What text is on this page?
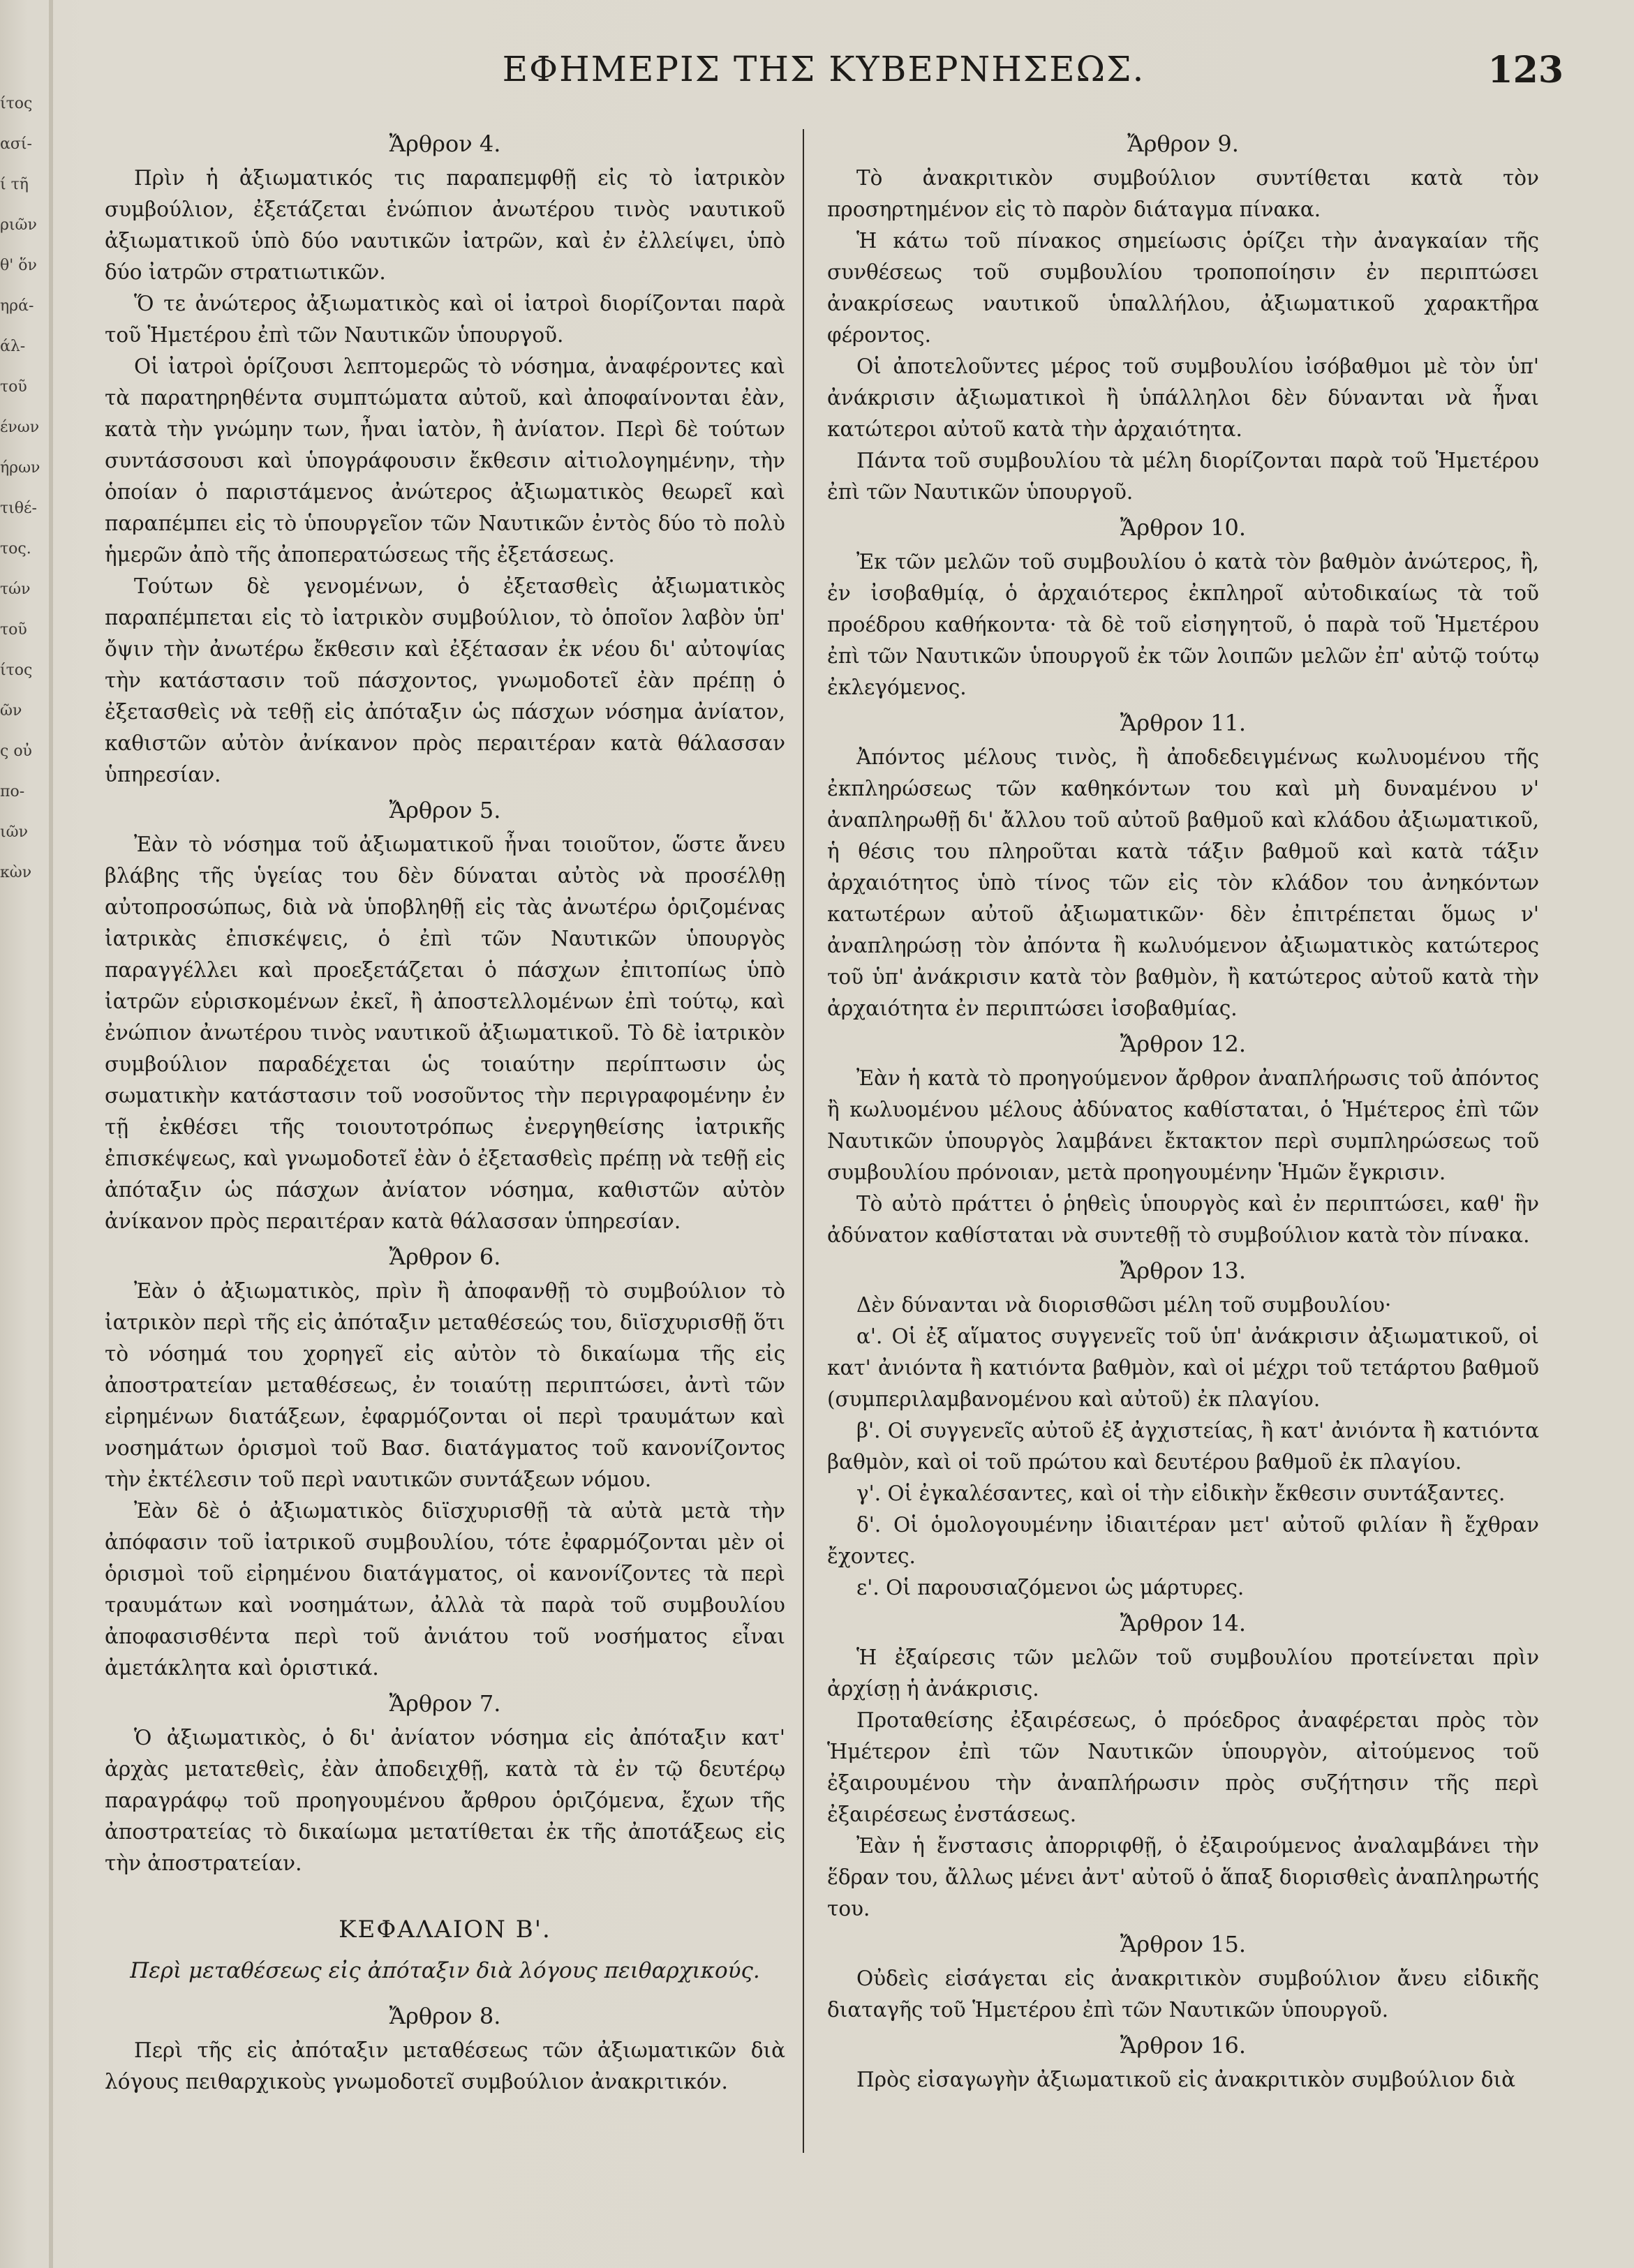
ίτος
ασί-
ί τῆ
ριῶν
θ' ὅν
ηρά-
άλ-
τοῦ
ένων
ήρων
τιθέ-
τος.
τών
τοῦ
ίτος
ῶν
ς οὐ
πο-
ιῶν
κὼν
ΕΦΗΜΕΡΙΣ ΤΗΣ ΚΥΒΕΡΝΗΣΕΩΣ.	123
Ἄρθρον 4.

Πρὶν ἡ ἀξιωματικός τις παραπεμφθῇ εἰς τὸ ἰατρικὸν συμβούλιον, ἐξετάζεται ἐνώπιον ἀνωτέρου τινὸς ναυτικοῦ ἀξιωματικοῦ ὑπὸ δύο ναυτικῶν ἰατρῶν, καὶ ἐν ἐλλείψει, ὑπὸ δύο ἰατρῶν στρατιωτικῶν.

Ὅ τε ἀνώτερος ἀξιωματικὸς καὶ οἱ ἰατροὶ διορίζονται παρὰ τοῦ Ἡμετέρου ἐπὶ τῶν Ναυτικῶν ὑπουργοῦ.

Οἱ ἰατροὶ ὁρίζουσι λεπτομερῶς τὸ νόσημα, ἀναφέροντες καὶ τὰ παρατηρηθέντα συμπτώματα αὐτοῦ, καὶ ἀποφαίνονται ἐὰν, κατὰ τὴν γνώμην των, ἦναι ἰατὸν, ἢ ἀνίατον. Περὶ δὲ τούτων συντάσσουσι καὶ ὑπογράφουσιν ἔκθεσιν αἰτιολογημένην, τὴν ὁποίαν ὁ παριστάμενος ἀνώτερος ἀξιωματικὸς θεωρεῖ καὶ παραπέμπει εἰς τὸ ὑπουργεῖον τῶν Ναυτικῶν ἐντὸς δύο τὸ πολὺ ἡμερῶν ἀπὸ τῆς ἀποπερατώσεως τῆς ἐξετάσεως.

Τούτων δὲ γενομένων, ὁ ἐξετασθεὶς ἀξιωματικὸς παραπέμπεται εἰς τὸ ἰατρικὸν συμβούλιον, τὸ ὁποῖον λαβὸν ὑπ' ὄψιν τὴν ἀνωτέρω ἔκθεσιν καὶ ἐξέτασαν ἐκ νέου δι' αὐτοψίας τὴν κατάστασιν τοῦ πάσχοντος, γνωμοδοτεῖ ἐὰν πρέπῃ ὁ ἐξετασθεὶς νὰ τεθῇ εἰς ἀπόταξιν ὡς πάσχων νόσημα ἀνίατον, καθιστῶν αὐτὸν ἀνίκανον πρὸς περαιτέραν κατὰ θάλασσαν ὑπηρεσίαν.

Ἄρθρον 5.

Ἐὰν τὸ νόσημα τοῦ ἀξιωματικοῦ ἦναι τοιοῦτον, ὥστε ἄνευ βλάβης τῆς ὑγείας του δὲν δύναται αὐτὸς νὰ προσέλθῃ αὐτοπροσώπως, διὰ νὰ ὑποβληθῇ εἰς τὰς ἀνωτέρω ὁριζομένας ἰατρικὰς ἐπισκέψεις, ὁ ἐπὶ τῶν Ναυτικῶν ὑπουργὸς παραγγέλλει καὶ προεξετάζεται ὁ πάσχων ἐπιτοπίως ὑπὸ ἰατρῶν εὑρισκομένων ἐκεῖ, ἢ ἀποστελλομένων ἐπὶ τούτῳ, καὶ ἐνώπιον ἀνωτέρου τινὸς ναυτικοῦ ἀξιωματικοῦ. Τὸ δὲ ἰατρικὸν συμβούλιον παραδέχεται ὡς τοιαύτην περίπτωσιν ὡς σωματικὴν κατάστασιν τοῦ νοσοῦντος τὴν περιγραφομένην ἐν τῇ ἐκθέσει τῆς τοιουτοτρόπως ἐνεργηθείσης ἰατρικῆς ἐπισκέψεως, καὶ γνωμοδοτεῖ ἐὰν ὁ ἐξετασθεὶς πρέπῃ νὰ τεθῇ εἰς ἀπόταξιν ὡς πάσχων ἀνίατον νόσημα, καθιστῶν αὐτὸν ἀνίκανον πρὸς περαιτέραν κατὰ θάλασσαν ὑπηρεσίαν.

Ἄρθρον 6.

Ἐὰν ὁ ἀξιωματικὸς, πρὶν ἢ ἀποφανθῇ τὸ συμβούλιον τὸ ἰατρικὸν περὶ τῆς εἰς ἀπόταξιν μεταθέσεώς του, διϊσχυρισθῇ ὅτι τὸ νόσημά του χορηγεῖ εἰς αὐτὸν τὸ δικαίωμα τῆς εἰς ἀποστρατείαν μεταθέσεως, ἐν τοιαύτῃ περιπτώσει, ἀντὶ τῶν εἰρημένων διατάξεων, ἐφαρμόζονται οἱ περὶ τραυμάτων καὶ νοσημάτων ὁρισμοὶ τοῦ Βασ. διατάγματος τοῦ κανονίζοντος τὴν ἐκτέλεσιν τοῦ περὶ ναυτικῶν συντάξεων νόμου.

Ἐὰν δὲ ὁ ἀξιωματικὸς διϊσχυρισθῇ τὰ αὐτὰ μετὰ τὴν ἀπόφασιν τοῦ ἰατρικοῦ συμβουλίου, τότε ἐφαρμόζονται μὲν οἱ ὁρισμοὶ τοῦ εἰρημένου διατάγματος, οἱ κανονίζοντες τὰ περὶ τραυμάτων καὶ νοσημάτων, ἀλλὰ τὰ παρὰ τοῦ συμβουλίου ἀποφασισθέντα περὶ τοῦ ἀνιάτου τοῦ νοσήματος εἶναι ἀμετάκλητα καὶ ὁριστικά.

Ἄρθρον 7.

Ὁ ἀξιωματικὸς, ὁ δι' ἀνίατον νόσημα εἰς ἀπόταξιν κατ' ἀρχὰς μετατεθεὶς, ἐὰν ἀποδειχθῇ, κατὰ τὰ ἐν τῷ δευτέρῳ παραγράφῳ τοῦ προηγουμένου ἄρθρου ὁριζόμενα, ἔχων τῆς ἀποστρατείας τὸ δικαίωμα μετατίθεται ἐκ τῆς ἀποτάξεως εἰς τὴν ἀποστρατείαν.

ΚΕΦΑΛΑΙΟΝ Β'.
Περὶ μεταθέσεως εἰς ἀπόταξιν διὰ λόγους πειθαρχικούς.
Ἄρθρον 8.

Περὶ τῆς εἰς ἀπόταξιν μεταθέσεως τῶν ἀξιωματικῶν διὰ λόγους πειθαρχικοὺς γνωμοδοτεῖ συμβούλιον ἀνακριτικόν.

Ἄρθρον 9.

Τὸ ἀνακριτικὸν συμβούλιον συντίθεται κατὰ τὸν προσηρτημένον εἰς τὸ παρὸν διάταγμα πίνακα.

Ἡ κάτω τοῦ πίνακος σημείωσις ὁρίζει τὴν ἀναγκαίαν τῆς συνθέσεως τοῦ συμβουλίου τροποποίησιν ἐν περιπτώσει ἀνακρίσεως ναυτικοῦ ὑπαλλήλου, ἀξιωματικοῦ χαρακτῆρα φέροντος.

Οἱ ἀποτελοῦντες μέρος τοῦ συμβουλίου ἰσόβαθμοι μὲ τὸν ὑπ' ἀνάκρισιν ἀξιωματικοὶ ἢ ὑπάλληλοι δὲν δύνανται νὰ ἦναι κατώτεροι αὐτοῦ κατὰ τὴν ἀρχαιότητα.

Πάντα τοῦ συμβουλίου τὰ μέλη διορίζονται παρὰ τοῦ Ἡμετέρου ἐπὶ τῶν Ναυτικῶν ὑπουργοῦ.

Ἄρθρον 10.

Ἐκ τῶν μελῶν τοῦ συμβουλίου ὁ κατὰ τὸν βαθμὸν ἀνώτερος, ἢ, ἐν ἰσοβαθμίᾳ, ὁ ἀρχαιότερος ἐκπληροῖ αὐτοδικαίως τὰ τοῦ προέδρου καθήκοντα· τὰ δὲ τοῦ εἰσηγητοῦ, ὁ παρὰ τοῦ Ἡμετέρου ἐπὶ τῶν Ναυτικῶν ὑπουργοῦ ἐκ τῶν λοιπῶν μελῶν ἐπ' αὐτῷ τούτῳ ἐκλεγόμενος.

Ἄρθρον 11.

Ἀπόντος μέλους τινὸς, ἢ ἀποδεδειγμένως κωλυομένου τῆς ἐκπληρώσεως τῶν καθηκόντων του καὶ μὴ δυναμένου ν' ἀναπληρωθῇ δι' ἄλλου τοῦ αὐτοῦ βαθμοῦ καὶ κλάδου ἀξιωματικοῦ, ἡ θέσις του πληροῦται κατὰ τάξιν βαθμοῦ καὶ κατὰ τάξιν ἀρχαιότητος ὑπὸ τίνος τῶν εἰς τὸν κλάδον του ἀνηκόντων κατωτέρων αὐτοῦ ἀξιωματικῶν· δὲν ἐπιτρέπεται ὅμως ν' ἀναπληρώσῃ τὸν ἀπόντα ἢ κωλυόμενον ἀξιωματικὸς κατώτερος τοῦ ὑπ' ἀνάκρισιν κατὰ τὸν βαθμὸν, ἢ κατώτερος αὐτοῦ κατὰ τὴν ἀρχαιότητα ἐν περιπτώσει ἰσοβαθμίας.

Ἄρθρον 12.

Ἐὰν ἡ κατὰ τὸ προηγούμενον ἄρθρον ἀναπλήρωσις τοῦ ἀπόντος ἢ κωλυομένου μέλους ἀδύνατος καθίσταται, ὁ Ἡμέτερος ἐπὶ τῶν Ναυτικῶν ὑπουργὸς λαμβάνει ἔκτακτον περὶ συμπληρώσεως τοῦ συμβουλίου πρόνοιαν, μετὰ προηγουμένην Ἡμῶν ἔγκρισιν.

Τὸ αὐτὸ πράττει ὁ ῥηθεὶς ὑπουργὸς καὶ ἐν περιπτώσει, καθ' ἣν ἀδύνατον καθίσταται νὰ συντεθῇ τὸ συμβούλιον κατὰ τὸν πίνακα.

Ἄρθρον 13.

Δὲν δύνανται νὰ διορισθῶσι μέλη τοῦ συμβουλίου·

α'. Οἱ ἐξ αἵματος συγγενεῖς τοῦ ὑπ' ἀνάκρισιν ἀξιωματικοῦ, οἱ κατ' ἀνιόντα ἢ κατιόντα βαθμὸν, καὶ οἱ μέχρι τοῦ τετάρτου βαθμοῦ (συμπεριλαμβανομένου καὶ αὐτοῦ) ἐκ πλαγίου.

β'. Οἱ συγγενεῖς αὐτοῦ ἐξ ἀγχιστείας, ἢ κατ' ἀνιόντα ἢ κατιόντα βαθμὸν, καὶ οἱ τοῦ πρώτου καὶ δευτέρου βαθμοῦ ἐκ πλαγίου.

γ'. Οἱ ἐγκαλέσαντες, καὶ οἱ τὴν εἰδικὴν ἔκθεσιν συντάξαντες.

δ'. Οἱ ὁμολογουμένην ἰδιαιτέραν μετ' αὐτοῦ φιλίαν ἢ ἔχθραν ἔχοντες.

ε'. Οἱ παρουσιαζόμενοι ὡς μάρτυρες.

Ἄρθρον 14.

Ἡ ἐξαίρεσις τῶν μελῶν τοῦ συμβουλίου προτείνεται πρὶν ἀρχίσῃ ἡ ἀνάκρισις.

Προταθείσης ἐξαιρέσεως, ὁ πρόεδρος ἀναφέρεται πρὸς τὸν Ἡμέτερον ἐπὶ τῶν Ναυτικῶν ὑπουργὸν, αἰτούμενος τοῦ ἐξαιρουμένου τὴν ἀναπλήρωσιν πρὸς συζήτησιν τῆς περὶ ἐξαιρέσεως ἐνστάσεως.

Ἐὰν ἡ ἔνστασις ἀπορριφθῇ, ὁ ἐξαιρούμενος ἀναλαμβάνει τὴν ἕδραν του, ἄλλως μένει ἀντ' αὐτοῦ ὁ ἅπαξ διορισθεὶς ἀναπληρωτής του.

Ἄρθρον 15.

Οὐδεὶς εἰσάγεται εἰς ἀνακριτικὸν συμβούλιον ἄνευ εἰδικῆς διαταγῆς τοῦ Ἡμετέρου ἐπὶ τῶν Ναυτικῶν ὑπουργοῦ.

Ἄρθρον 16.

Πρὸς εἰσαγωγὴν ἀξιωματικοῦ εἰς ἀνακριτικὸν συμβούλιον διὰ
